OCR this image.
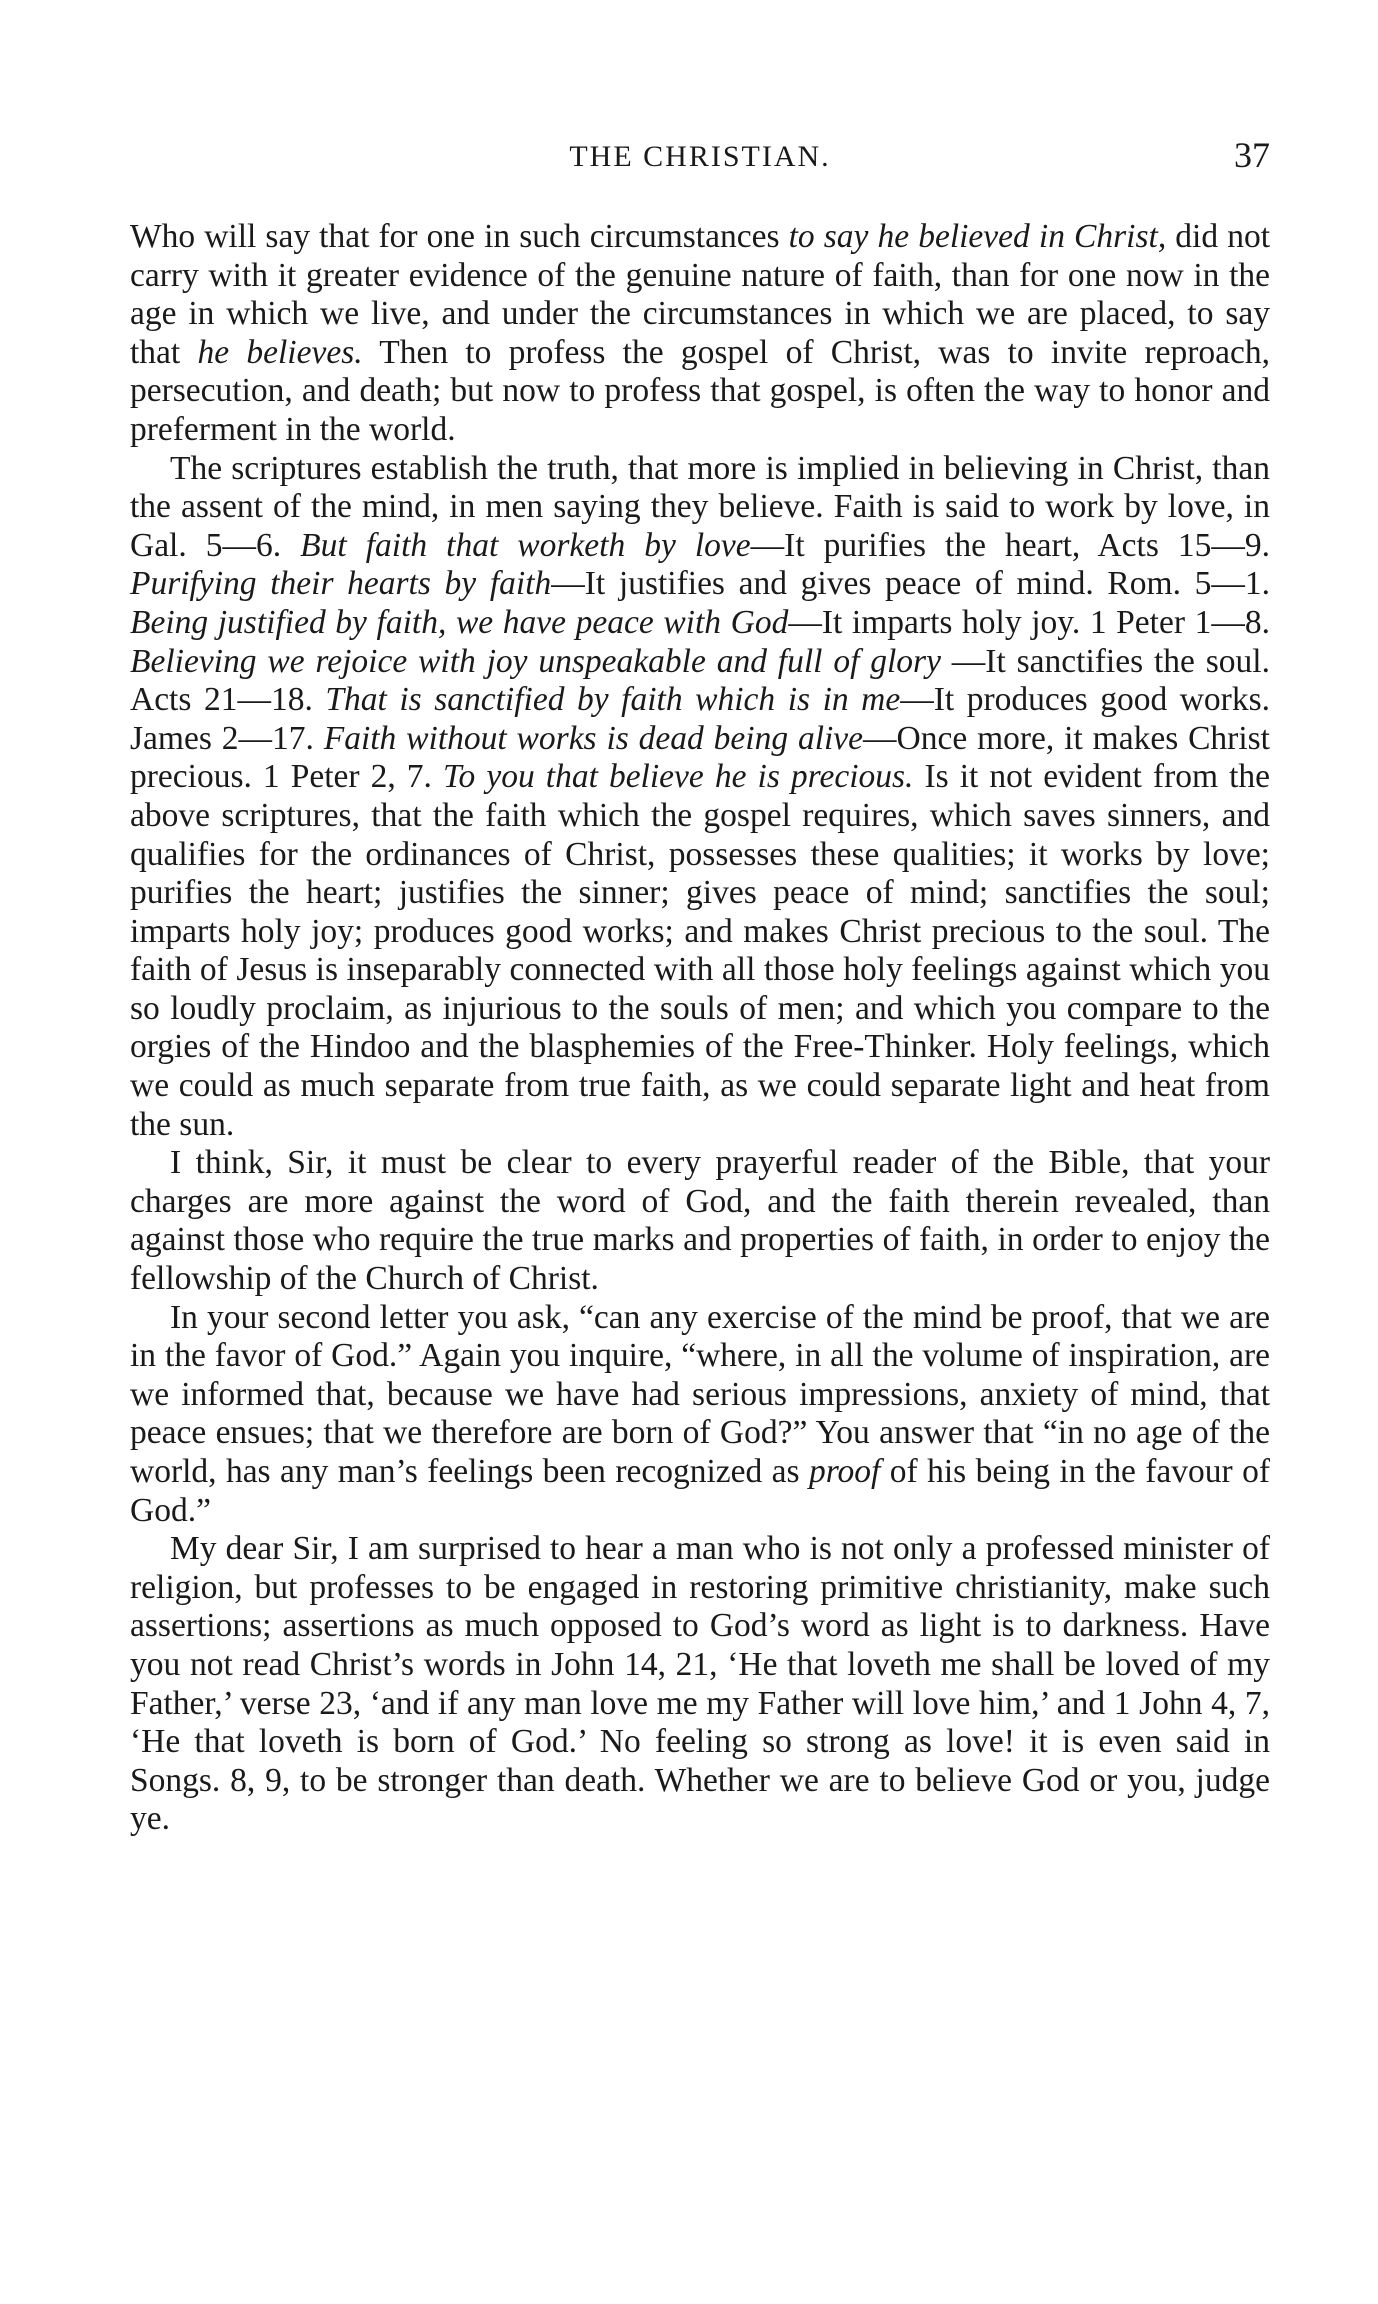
THE CHRISTIAN.	37

Who will say that for one in such circumstances to say he believed in Christ, did not carry with it greater evidence of the genuine nature of faith, than for one now in the age in which we live, and under the circumstances in which we are placed, to say that he believes. Then to profess the gospel of Christ, was to invite reproach, persecution, and death; but now to profess that gospel, is often the way to honor and preferment in the world.

The scriptures establish the truth, that more is implied in believing in Christ, than the assent of the mind, in men saying they believe. Faith is said to work by love, in Gal. 5—6. But faith that worketh by love—It purifies the heart, Acts 15—9. Purifying their hearts by faith—It justifies and gives peace of mind. Rom. 5—1. Being justified by faith, we have peace with God—It imparts holy joy. 1 Peter 1—8. Believing we rejoice with joy unspeakable and full of glory —It sanctifies the soul. Acts 21—18. That is sanctified by faith which is in me—It produces good works. James 2—17. Faith without works is dead being alive—Once more, it makes Christ precious. 1 Peter 2, 7. To you that believe he is precious. Is it not evident from the above scriptures, that the faith which the gospel requires, which saves sinners, and qualifies for the ordinances of Christ, possesses these qualities; it works by love; purifies the heart; justifies the sinner; gives peace of mind; sanctifies the soul; imparts holy joy; produces good works; and makes Christ precious to the soul. The faith of Jesus is inseparably connected with all those holy feelings against which you so loudly proclaim, as injurious to the souls of men; and which you compare to the orgies of the Hindoo and the blasphemies of the Free-Thinker. Holy feelings, which we could as much separate from true faith, as we could separate light and heat from the sun.

I think, Sir, it must be clear to every prayerful reader of the Bible, that your charges are more against the word of God, and the faith therein revealed, than against those who require the true marks and properties of faith, in order to enjoy the fellowship of the Church of Christ.

In your second letter you ask, “can any exercise of the mind be proof, that we are in the favor of God.” Again you inquire, “where, in all the volume of inspiration, are we informed that, because we have had serious impressions, anxiety of mind, that peace ensues; that we therefore are born of God?” You answer that “in no age of the world, has any man’s feelings been recognized as proof of his being in the favour of God.”

My dear Sir, I am surprised to hear a man who is not only a professed minister of religion, but professes to be engaged in restoring primitive christianity, make such assertions; assertions as much opposed to God’s word as light is to darkness. Have you not read Christ’s words in John 14, 21, ‘He that loveth me shall be loved of my Father,’ verse 23, ‘and if any man love me my Father will love him,’ and 1 John 4, 7, ‘He that loveth is born of God.’ No feeling so strong as love! it is even said in Songs. 8, 9, to be stronger than death. Whether we are to believe God or you, judge ye.
